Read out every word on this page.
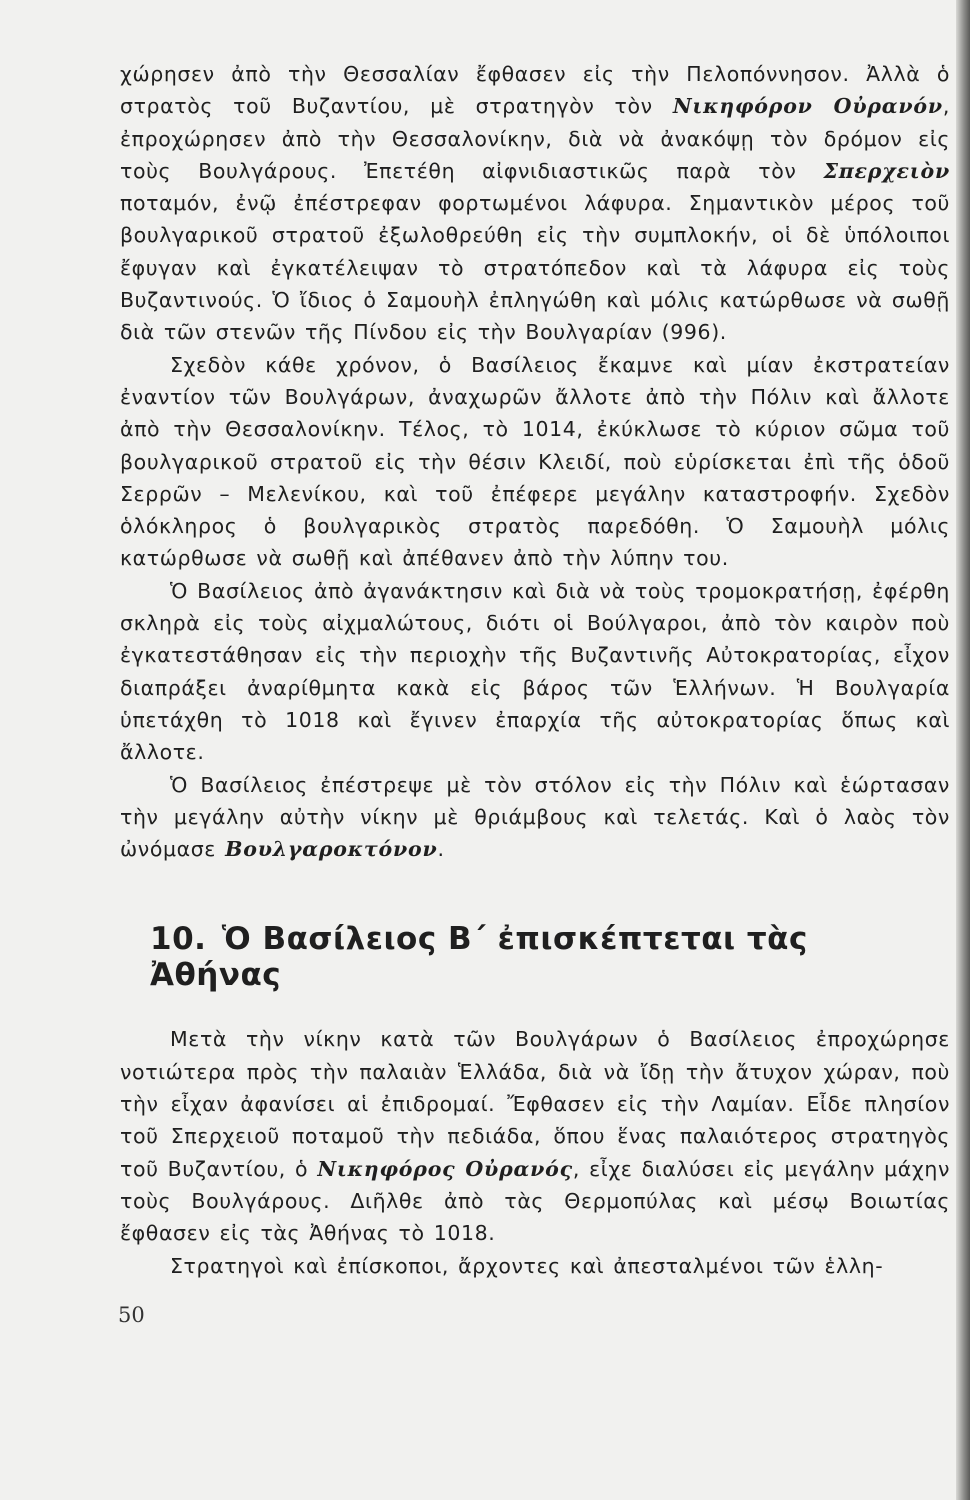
χώρησεν ἀπὸ τὴν Θεσσαλίαν ἔφθασεν εἰς τὴν Πελοπόννησον. Ἀλλὰ ὁ στρατὸς τοῦ Βυζαντίου, μὲ στρατηγὸν τὸν Νικηφόρον Οὐρανόν, ἐπροχώρησεν ἀπὸ τὴν Θεσσαλονίκην, διὰ νὰ ἀνακόψῃ τὸν δρόμον εἰς τοὺς Βουλγάρους. Ἐπετέθη αἰφνιδιαστικῶς παρὰ τὸν Σπερχειὸν ποταμόν, ἐνῷ ἐπέστρεφαν φορτωμένοι λάφυρα. Σημαντικὸν μέρος τοῦ βουλγαρικοῦ στρατοῦ ἐξωλοθρεύθη εἰς τὴν συμπλοκήν, οἱ δὲ ὑπόλοιποι ἔφυγαν καὶ ἐγκατέλειψαν τὸ στρατόπεδον καὶ τὰ λάφυρα εἰς τοὺς Βυζαντινούς. Ὁ ἴδιος ὁ Σαμουὴλ ἐπληγώθη καὶ μόλις κατώρθωσε νὰ σωθῇ διὰ τῶν στενῶν τῆς Πίνδου εἰς τὴν Βουλγαρίαν (996).

Σχεδὸν κάθε χρόνον, ὁ Βασίλειος ἔκαμνε καὶ μίαν ἐκστρατείαν ἐναντίον τῶν Βουλγάρων, ἀναχωρῶν ἄλλοτε ἀπὸ τὴν Πόλιν καὶ ἄλλοτε ἀπὸ τὴν Θεσσαλονίκην. Τέλος, τὸ 1014, ἐκύκλωσε τὸ κύριον σῶμα τοῦ βουλγαρικοῦ στρατοῦ εἰς τὴν θέσιν Κλειδί, ποὺ εὑρίσκεται ἐπὶ τῆς ὁδοῦ Σερρῶν – Μελενίκου, καὶ τοῦ ἐπέφερε μεγάλην καταστροφήν. Σχεδὸν ὁλόκληρος ὁ βουλγαρικὸς στρατὸς παρεδόθη. Ὁ Σαμουὴλ μόλις κατώρθωσε νὰ σωθῇ καὶ ἀπέθανεν ἀπὸ τὴν λύπην του.

Ὁ Βασίλειος ἀπὸ ἀγανάκτησιν καὶ διὰ νὰ τοὺς τρομοκρατήσῃ, ἐφέρθη σκληρὰ εἰς τοὺς αἰχμαλώτους, διότι οἱ Βούλγαροι, ἀπὸ τὸν καιρὸν ποὺ ἐγκατεστάθησαν εἰς τὴν περιοχὴν τῆς Βυζαντινῆς Αὐτοκρατορίας, εἶχον διαπράξει ἀναρίθμητα κακὰ εἰς βάρος τῶν Ἑλλήνων. Ἡ Βουλγαρία ὑπετάχθη τὸ 1018 καὶ ἔγινεν ἐπαρχία τῆς αὐτοκρατορίας ὅπως καὶ ἄλλοτε.

Ὁ Βασίλειος ἐπέστρεψε μὲ τὸν στόλον εἰς τὴν Πόλιν καὶ ἑώρτασαν τὴν μεγάλην αὐτὴν νίκην μὲ θριάμβους καὶ τελετάς. Καὶ ὁ λαὸς τὸν ὠνόμασε Βουλγαροκτόνον.

10. Ὁ Βασίλειος Β΄ ἐπισκέπτεται τὰς Ἀθήνας

Μετὰ τὴν νίκην κατὰ τῶν Βουλγάρων ὁ Βασίλειος ἐπροχώρησε νοτιώτερα πρὸς τὴν παλαιὰν Ἑλλάδα, διὰ νὰ ἴδῃ τὴν ἄτυχον χώραν, ποὺ τὴν εἶχαν ἀφανίσει αἱ ἐπιδρομαί. Ἔφθασεν εἰς τὴν Λαμίαν. Εἶδε πλησίον τοῦ Σπερχειοῦ ποταμοῦ τὴν πεδιάδα, ὅπου ἕνας παλαιότερος στρατηγὸς τοῦ Βυζαντίου, ὁ Νικηφόρος Οὐρανός, εἶχε διαλύσει εἰς μεγάλην μάχην τοὺς Βουλγάρους. Διῆλθε ἀπὸ τὰς Θερμοπύλας καὶ μέσῳ Βοιωτίας ἔφθασεν εἰς τὰς Ἀθήνας τὸ 1018.

Στρατηγοὶ καὶ ἐπίσκοποι, ἄρχοντες καὶ ἀπεσταλμένοι τῶν ἑλλη-

50
